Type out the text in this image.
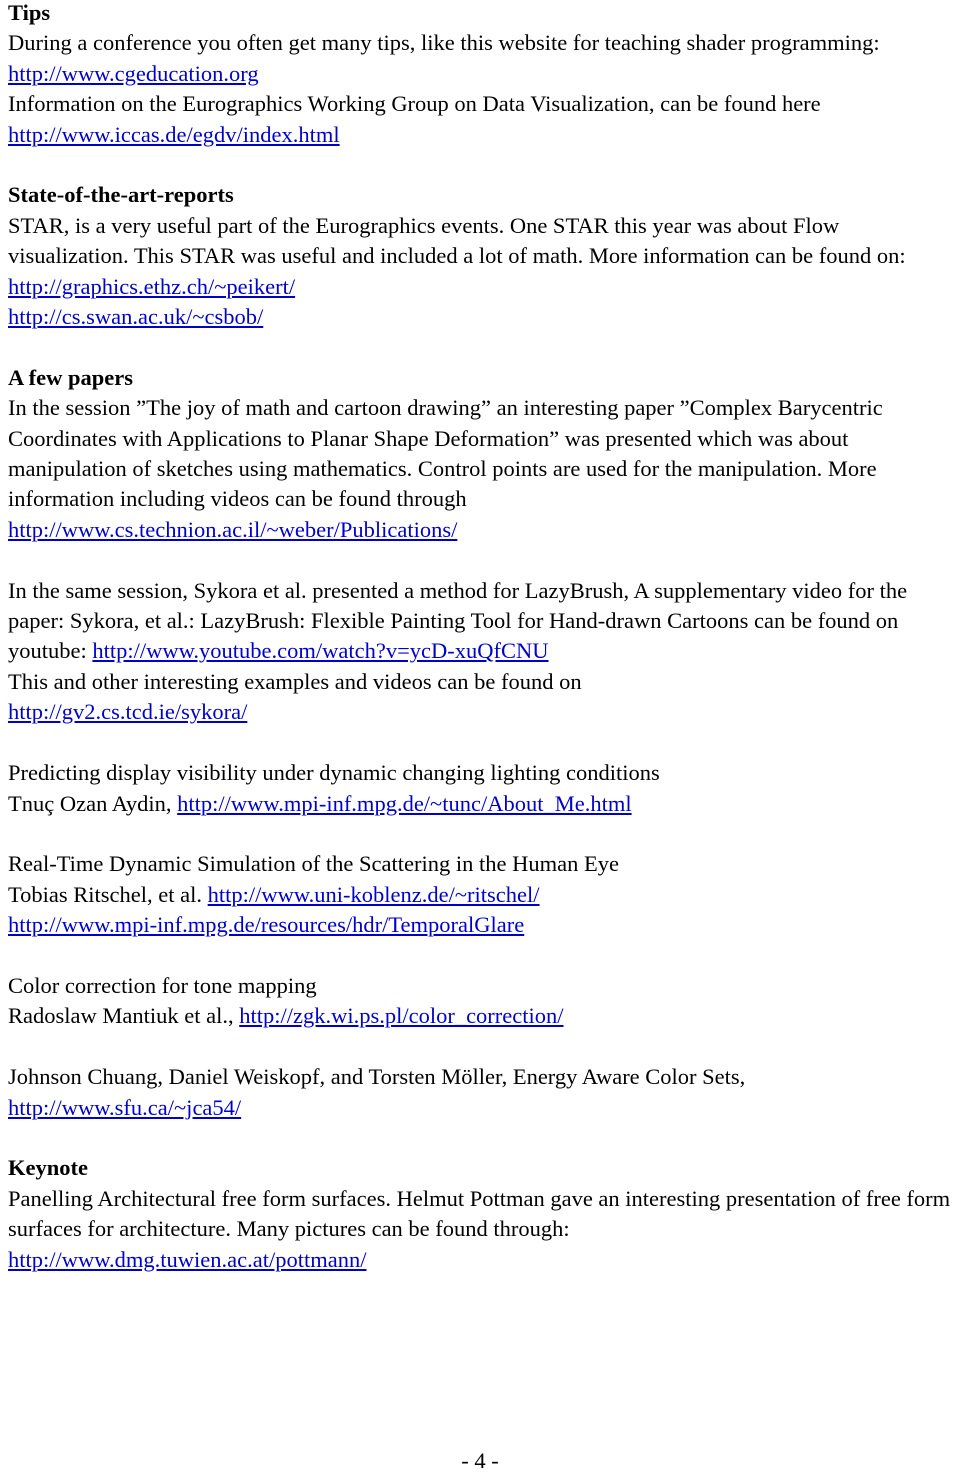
Tips

During a conference you often get many tips, like this website for teaching shader programming: http://www.cgeducation.org

Information on the Eurographics Working Group on Data Visualization, can be found here http://www.iccas.de/egdv/index.html

State-of-the-art-reports

STAR, is a very useful part of the Eurographics events. One STAR this year was about Flow visualization. This STAR was useful and included a lot of math. More information can be found on:

http://graphics.ethz.ch/~peikert/

http://cs.swan.ac.uk/~csbob/

A few papers

In the session ”The joy of math and cartoon drawing” an interesting paper ”Complex Barycentric Coordinates with Applications to Planar Shape Deformation” was presented which was about manipulation of sketches using mathematics. Control points are used for the manipulation. More information including videos can be found through

http://www.cs.technion.ac.il/~weber/Publications/

In the same session, Sykora et al. presented a method for LazyBrush, A supplementary video for the paper: Sykora, et al.: LazyBrush: Flexible Painting Tool for Hand-drawn Cartoons can be found on youtube: http://www.youtube.com/watch?v=ycD-xuQfCNU

This and other interesting examples and videos can be found on

http://gv2.cs.tcd.ie/sykora/

Predicting display visibility under dynamic changing lighting conditions

Tnuç Ozan Aydin, http://www.mpi-inf.mpg.de/~tunc/About_Me.html

Real-Time Dynamic Simulation of the Scattering in the Human Eye

Tobias Ritschel, et al. http://www.uni-koblenz.de/~ritschel/

http://www.mpi-inf.mpg.de/resources/hdr/TemporalGlare

Color correction for tone mapping

Radoslaw Mantiuk et al., http://zgk.wi.ps.pl/color_correction/

Johnson Chuang, Daniel Weiskopf, and Torsten Möller, Energy Aware Color Sets,

http://www.sfu.ca/~jca54/

Keynote

Panelling Architectural free form surfaces. Helmut Pottman gave an interesting presentation of free form surfaces for architecture. Many pictures can be found through:

http://www.dmg.tuwien.ac.at/pottmann/

- 4 -
